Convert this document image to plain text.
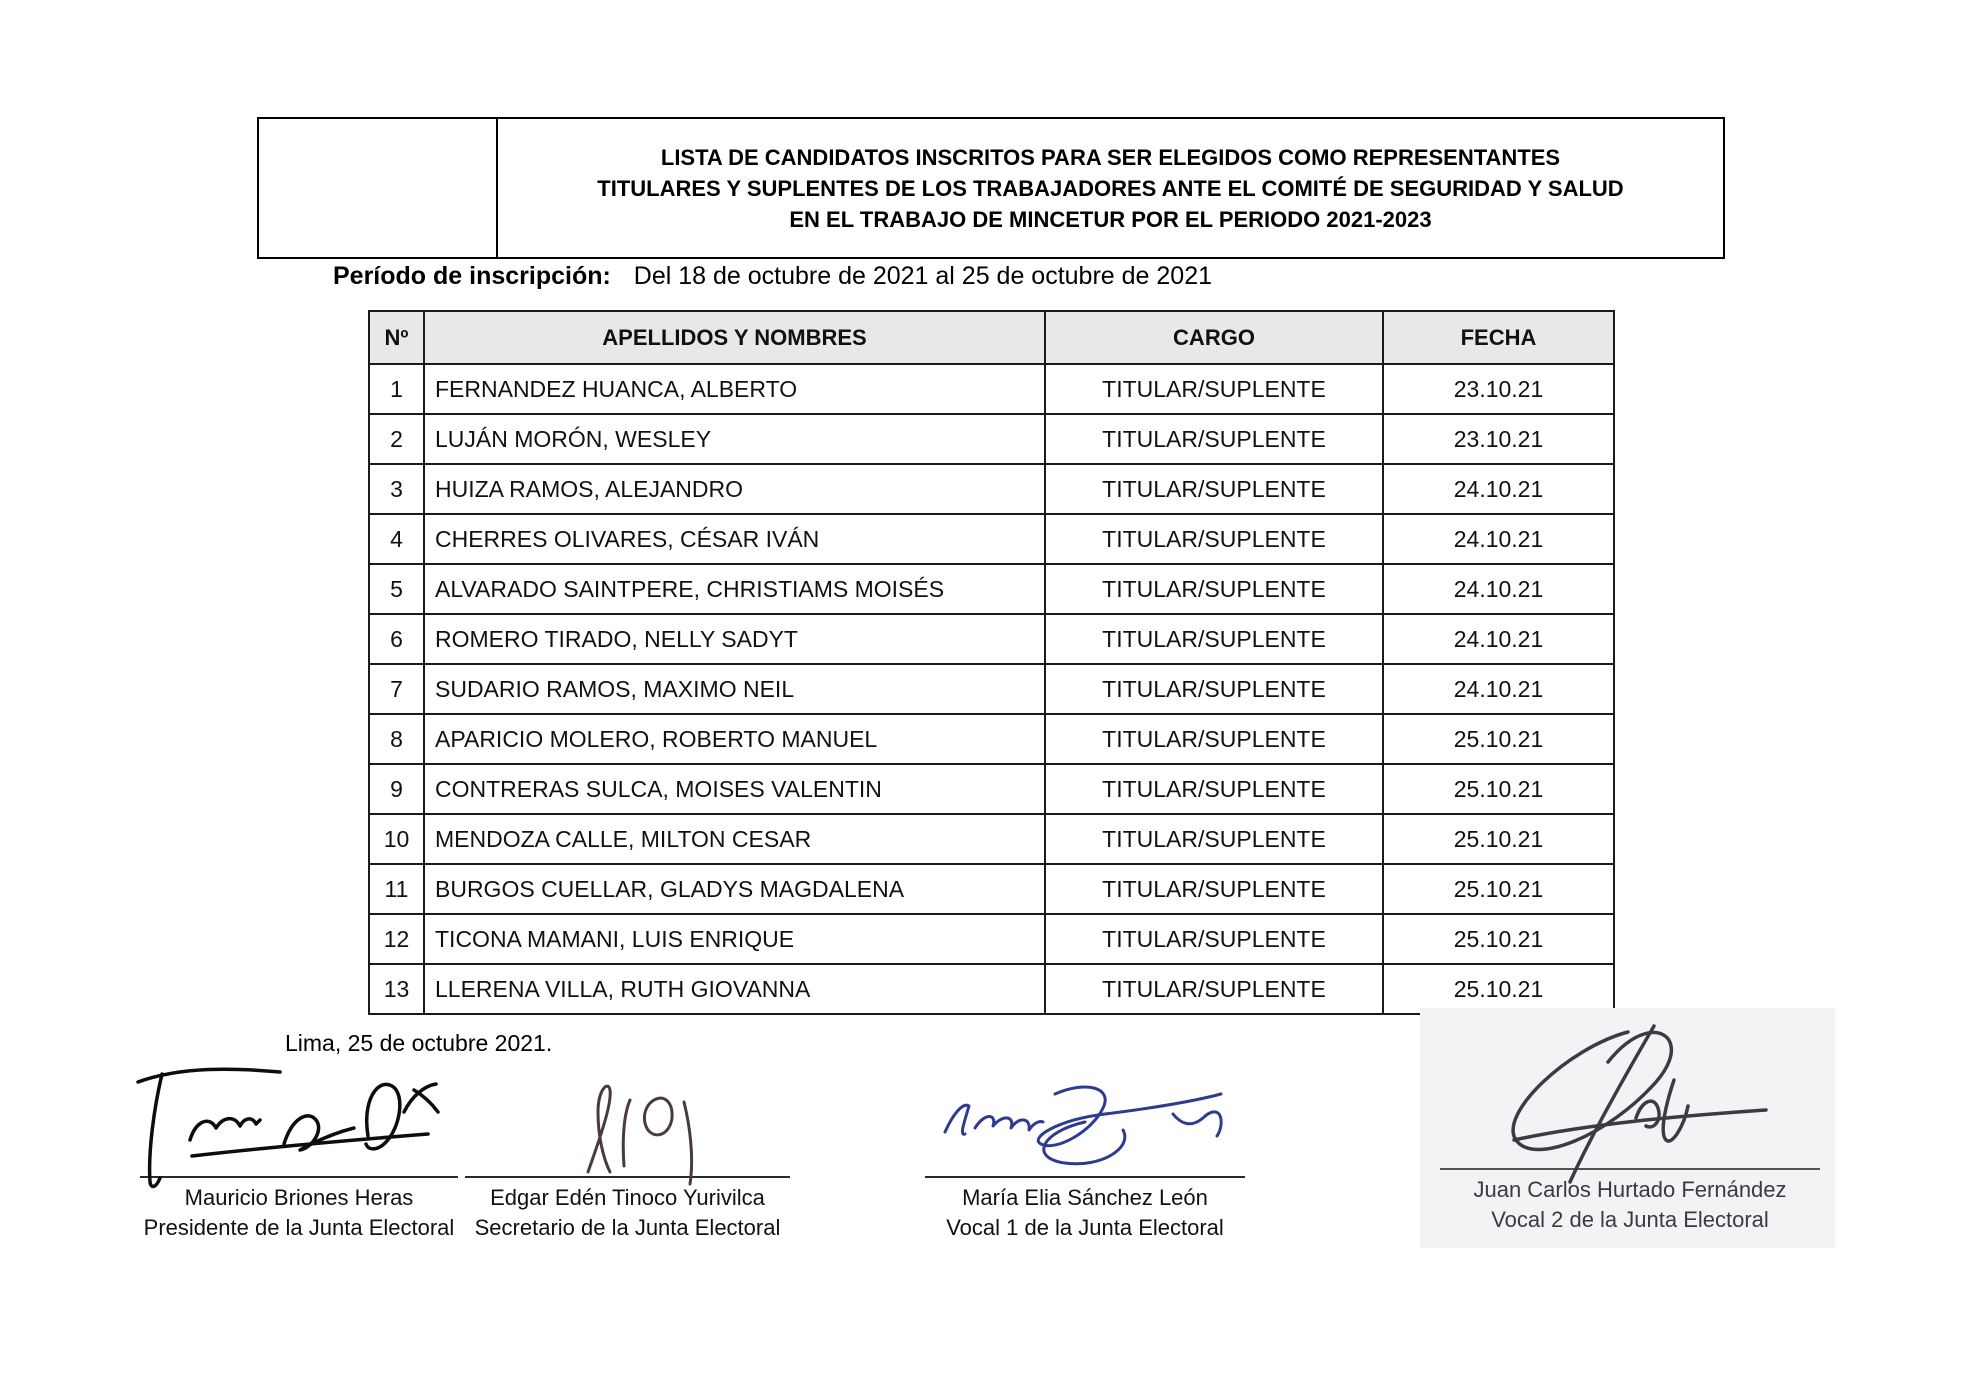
LISTA DE CANDIDATOS INSCRITOS PARA SER ELEGIDOS COMO REPRESENTANTES
TITULARES Y SUPLENTES DE LOS TRABAJADORES ANTE EL COMITÉ DE SEGURIDAD Y SALUD
EN EL TRABAJO DE MINCETUR POR EL PERIODO 2021-2023
Período de inscripción: Del 18 de octubre de 2021 al 25 de octubre de 2021
Nº	APELLIDOS Y NOMBRES	CARGO	FECHA
1	FERNANDEZ HUANCA, ALBERTO	TITULAR/SUPLENTE	23.10.21
2	LUJÁN MORÓN, WESLEY	TITULAR/SUPLENTE	23.10.21
3	HUIZA RAMOS, ALEJANDRO	TITULAR/SUPLENTE	24.10.21
4	CHERRES OLIVARES, CÉSAR IVÁN	TITULAR/SUPLENTE	24.10.21
5	ALVARADO SAINTPERE, CHRISTIAMS MOISÉS	TITULAR/SUPLENTE	24.10.21
6	ROMERO TIRADO, NELLY SADYT	TITULAR/SUPLENTE	24.10.21
7	SUDARIO RAMOS, MAXIMO NEIL	TITULAR/SUPLENTE	24.10.21
8	APARICIO MOLERO, ROBERTO MANUEL	TITULAR/SUPLENTE	25.10.21
9	CONTRERAS SULCA, MOISES VALENTIN	TITULAR/SUPLENTE	25.10.21
10	MENDOZA CALLE, MILTON CESAR	TITULAR/SUPLENTE	25.10.21
11	BURGOS CUELLAR, GLADYS MAGDALENA	TITULAR/SUPLENTE	25.10.21
12	TICONA MAMANI, LUIS ENRIQUE	TITULAR/SUPLENTE	25.10.21
13	LLERENA VILLA, RUTH GIOVANNA	TITULAR/SUPLENTE	25.10.21
Lima, 25 de octubre 2021.
Mauricio Briones Heras
Presidente de la Junta Electoral
Edgar Edén Tinoco Yurivilca
Secretario de la Junta Electoral
María Elia Sánchez León
Vocal 1 de la Junta Electoral
Juan Carlos Hurtado Fernández
Vocal 2 de la Junta Electoral
